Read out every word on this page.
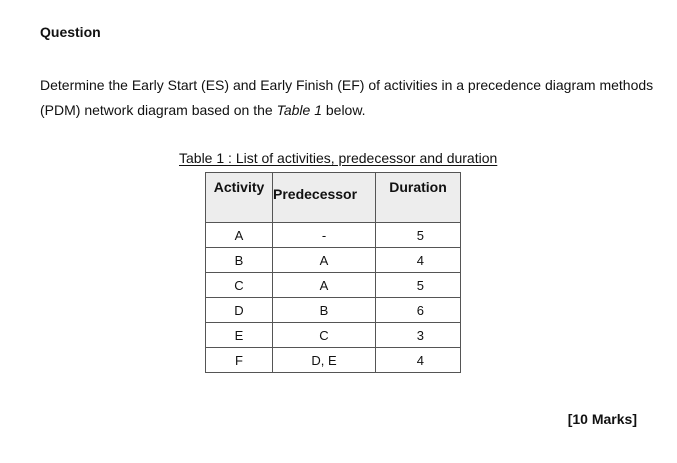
Question

Determine the Early Start (ES) and Early Finish (EF) of activities in a precedence diagram methods (PDM) network diagram based on the Table 1 below.

Table 1 : List of activities, predecessor and duration
Activity	Predecessor	Duration
A	-	5
B	A	4
C	A	5
D	B	6
E	C	3
F	D, E	4
[10 Marks]
